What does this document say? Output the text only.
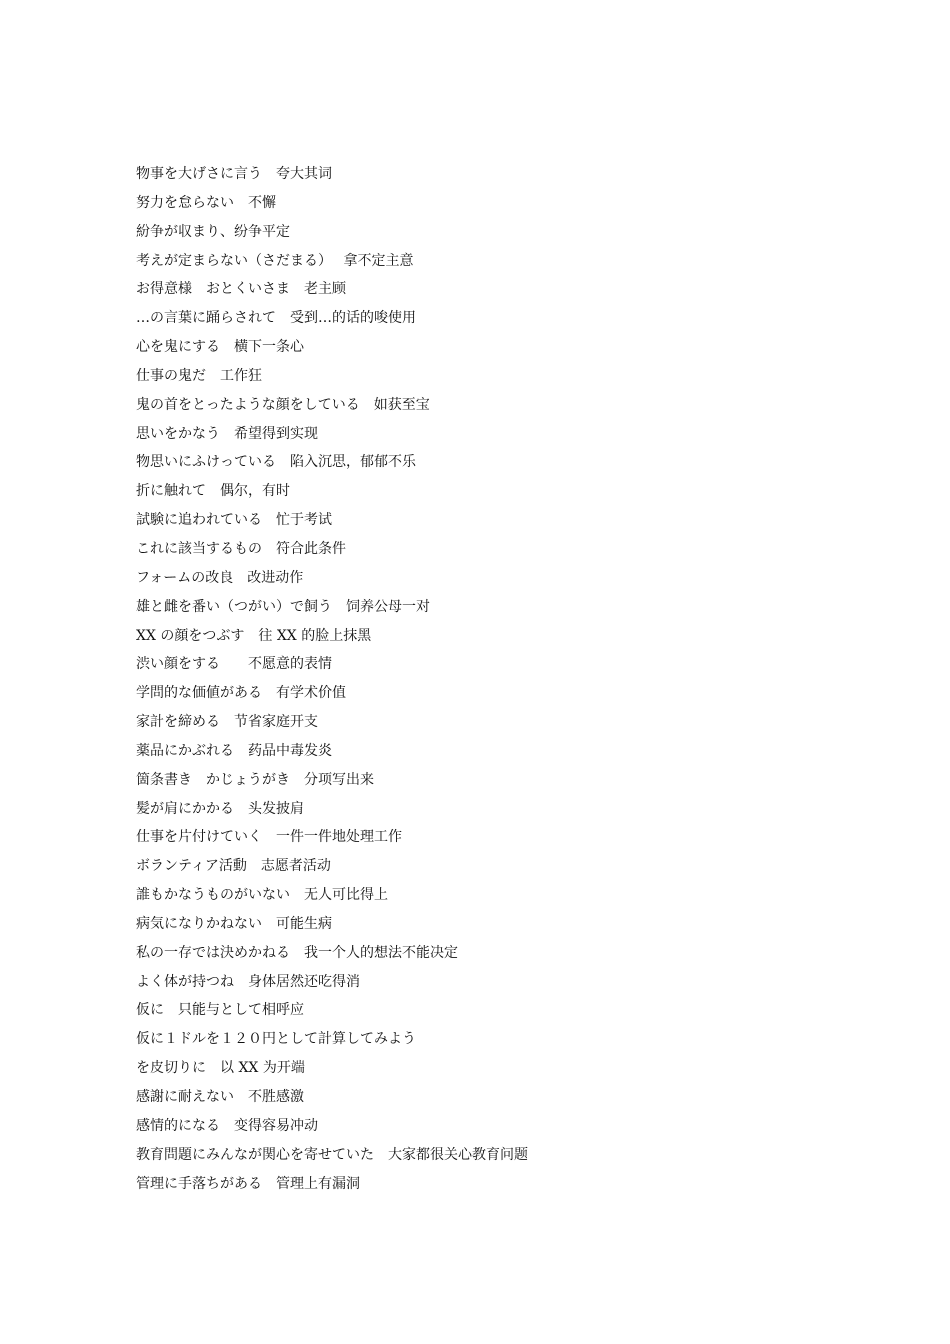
物事を大げさに言う　夸大其词
努力を怠らない　不懈
紛争が収まり、纷争平定
考えが定まらない（さだまる）　 拿不定主意
お得意様　おとくいさま　老主顾
…の言葉に踊らされて　受到…的话的唆使用
心を鬼にする　横下一条心
仕事の鬼だ　工作狂
鬼の首をとったような顔をしている　如获至宝
思いをかなう　希望得到实现
物思いにふけっている　陷入沉思，郁郁不乐
折に触れて　偶尔，有时
試験に追われている　忙于考试
これに該当するもの　符合此条件
フォームの改良　改进动作
雄と雌を番い（つがい）で飼う　饲养公母一对
XX の顔をつぶす　往 XX 的脸上抹黑
渋い顔をする　　不愿意的表情
学問的な価値がある　有学术价值
家計を締める　节省家庭开支
薬品にかぶれる　药品中毒发炎
箇条書き　かじょうがき　分项写出来
髪が肩にかかる　头发披肩
仕事を片付けていく　一件一件地处理工作
ボランティア活動　志愿者活动
誰もかなうものがいない　无人可比得上
病気になりかねない　可能生病
私の一存では決めかねる　我一个人的想法不能决定
よく体が持つね　身体居然还吃得消
仮に　只能与として相呼应
仮に１ドルを１２０円として計算してみよう
を皮切りに　以 XX 为开端
感謝に耐えない　不胜感激
感情的になる　变得容易冲动
教育問題にみんなが関心を寄せていた　大家都很关心教育问题
管理に手落ちがある　管理上有漏洞
